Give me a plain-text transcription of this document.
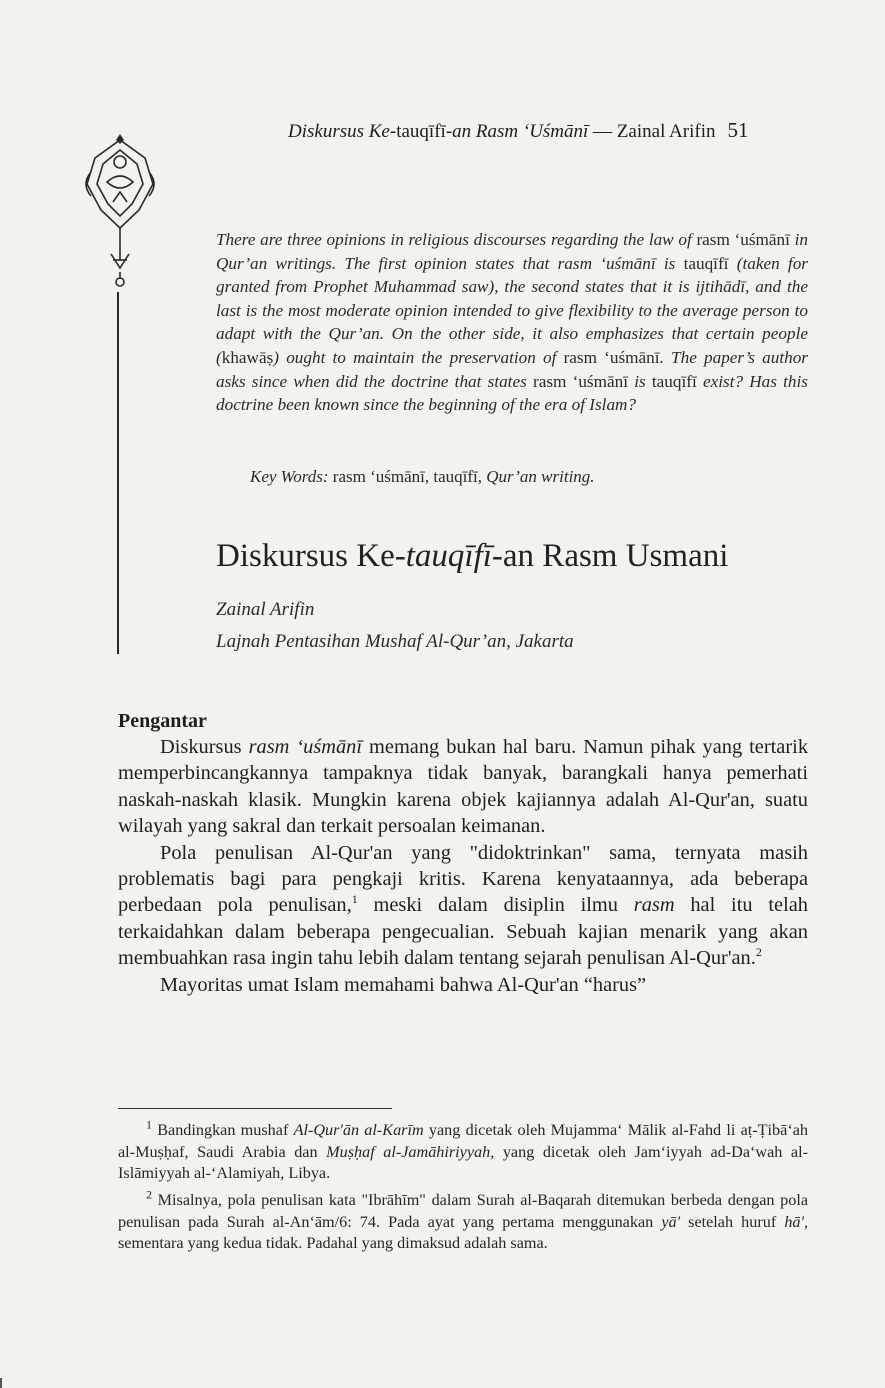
Diskursus Ke-tauqīfī-an Rasm ‘Uśmānī — Zainal Arifin 51
There are three opinions in religious discourses regarding the law of rasm ‘uśmānī in Qur’an writings. The first opinion states that rasm ‘uśmānī is tauqīfī (taken for granted from Prophet Muhammad saw), the second states that it is ijtihādī, and the last is the most moderate opinion intended to give flexibility to the average person to adapt with the Qur’an. On the other side, it also emphasizes that certain people (khawāṣ) ought to maintain the preservation of rasm ‘uśmānī. The paper’s author asks since when did the doctrine that states rasm ‘uśmānī is tauqīfī exist? Has this doctrine been known since the beginning of the era of Islam?
Key Words: rasm ‘uśmānī, tauqīfī, Qur’an writing.
Diskursus Ke-tauqīfī-an Rasm Usmani
Zainal Arifin
Lajnah Pentasihan Mushaf Al-Qur’an, Jakarta
Pengantar

Diskursus rasm ‘uśmānī memang bukan hal baru. Namun pihak yang tertarik memperbincangkannya tampaknya tidak banyak, barangkali hanya pemerhati naskah-naskah klasik. Mungkin karena objek kajiannya adalah Al-Qur'an, suatu wilayah yang sakral dan terkait persoalan keimanan.

Pola penulisan Al-Qur'an yang "didoktrinkan" sama, ternyata masih problematis bagi para pengkaji kritis. Karena kenyataannya, ada beberapa perbedaan pola penulisan,$^1$ meski dalam disiplin ilmu rasm hal itu telah terkaidahkan dalam beberapa pengecualian. Sebuah kajian menarik yang akan membuahkan rasa ingin tahu lebih dalam tentang sejarah penulisan Al-Qur'an.$^2$

Mayoritas umat Islam memahami bahwa Al-Qur'an “harus”

$^1$ Bandingkan mushaf Al-Qur'ān al-Karīm yang dicetak oleh Mujamma‘ Mālik al-Fahd li aṭ-Ṭibā‘ah al-Muṣḥaf, Saudi Arabia dan Muṣḥaf al-Jamāhiriyyah, yang dicetak oleh Jam‘iyyah ad-Da‘wah al-Islāmiyyah al-‘Alamiyah, Libya.

$^2$ Misalnya, pola penulisan kata "Ibrāhīm" dalam Surah al-Baqarah ditemukan berbeda dengan pola penulisan pada Surah al-An‘ām/6: 74. Pada ayat yang pertama menggunakan yā' setelah huruf hā', sementara yang kedua tidak. Padahal yang dimaksud adalah sama.
